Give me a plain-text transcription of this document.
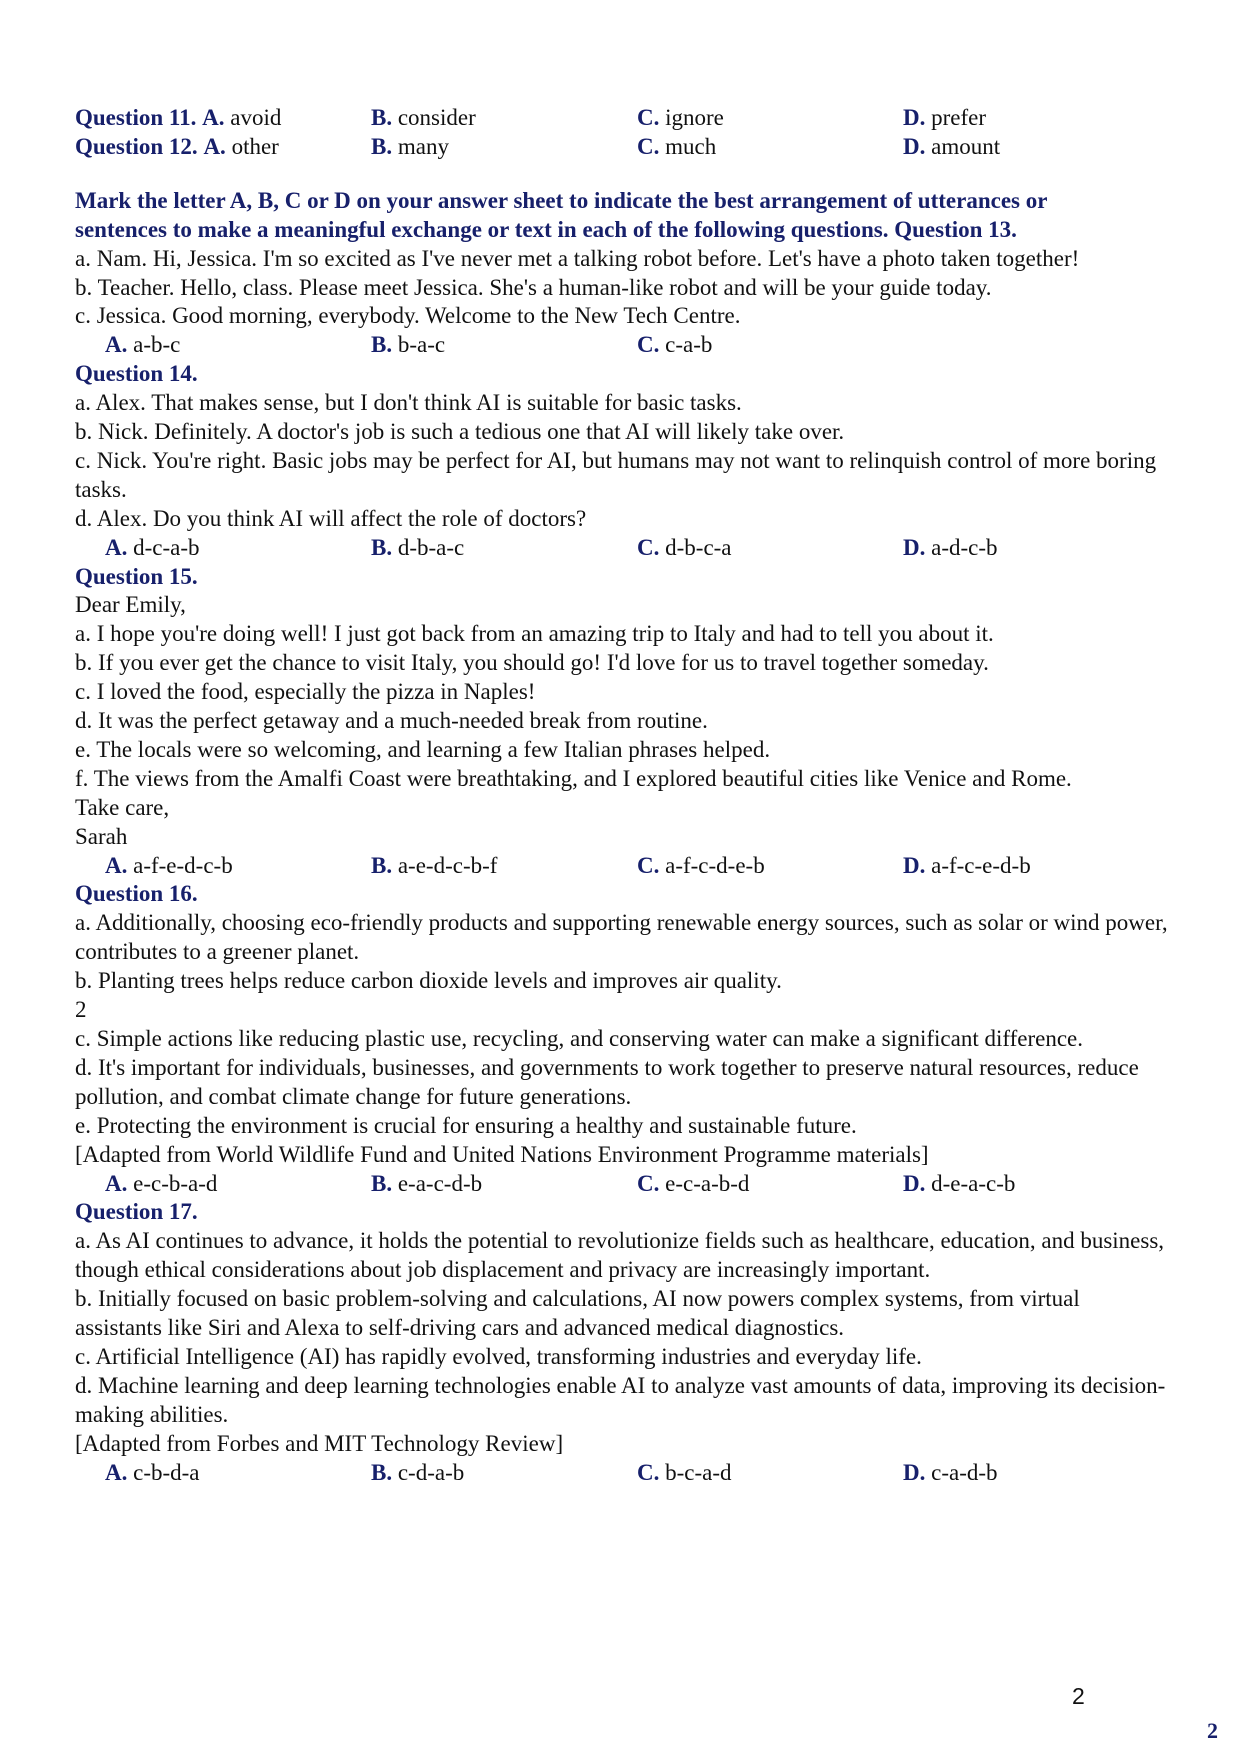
Question 11. A. avoid	B. consider	C. ignore	D. prefer
Question 12. A. other	B. many	C. much	D. amount
Mark the letter A, B, C or D on your answer sheet to indicate the best arrangement of utterances or sentences to make a meaningful exchange or text in each of the following questions. Question 13.
a. Nam. Hi, Jessica. I'm so excited as I've never met a talking robot before. Let's have a photo taken together!
b. Teacher. Hello, class. Please meet Jessica. She's a human-like robot and will be your guide today.
c. Jessica. Good morning, everybody. Welcome to the New Tech Centre.
A. a-b-c	B. b-a-c	C. c-a-b
Question 14.
a. Alex. That makes sense, but I don't think AI is suitable for basic tasks.
b. Nick. Definitely. A doctor's job is such a tedious one that AI will likely take over.
c. Nick. You're right. Basic jobs may be perfect for AI, but humans may not want to relinquish control of more boring tasks.
d. Alex. Do you think AI will affect the role of doctors?
A. d-c-a-b	B. d-b-a-c	C. d-b-c-a	D. a-d-c-b
Question 15.
Dear Emily,
a. I hope you're doing well! I just got back from an amazing trip to Italy and had to tell you about it.
b. If you ever get the chance to visit Italy, you should go! I'd love for us to travel together someday.
c. I loved the food, especially the pizza in Naples!
d. It was the perfect getaway and a much-needed break from routine.
e. The locals were so welcoming, and learning a few Italian phrases helped.
f. The views from the Amalfi Coast were breathtaking, and I explored beautiful cities like Venice and Rome.
Take care,
Sarah
A. a-f-e-d-c-b	B. a-e-d-c-b-f	C. a-f-c-d-e-b	D. a-f-c-e-d-b
Question 16.
a. Additionally, choosing eco-friendly products and supporting renewable energy sources, such as solar or wind power, contributes to a greener planet.
b. Planting trees helps reduce carbon dioxide levels and improves air quality.
2
c. Simple actions like reducing plastic use, recycling, and conserving water can make a significant difference.
d. It's important for individuals, businesses, and governments to work together to preserve natural resources, reduce pollution, and combat climate change for future generations.
e. Protecting the environment is crucial for ensuring a healthy and sustainable future.
[Adapted from World Wildlife Fund and United Nations Environment Programme materials]
A. e-c-b-a-d	B. e-a-c-d-b	C. e-c-a-b-d	D. d-e-a-c-b
Question 17.
a. As AI continues to advance, it holds the potential to revolutionize fields such as healthcare, education, and business, though ethical considerations about job displacement and privacy are increasingly important.
b. Initially focused on basic problem-solving and calculations, AI now powers complex systems, from virtual assistants like Siri and Alexa to self-driving cars and advanced medical diagnostics.
c. Artificial Intelligence (AI) has rapidly evolved, transforming industries and everyday life.
d. Machine learning and deep learning technologies enable AI to analyze vast amounts of data, improving its decision-making abilities.
[Adapted from Forbes and MIT Technology Review]
A. c-b-d-a	B. c-d-a-b	C. b-c-a-d	D. c-a-d-b
2
2
